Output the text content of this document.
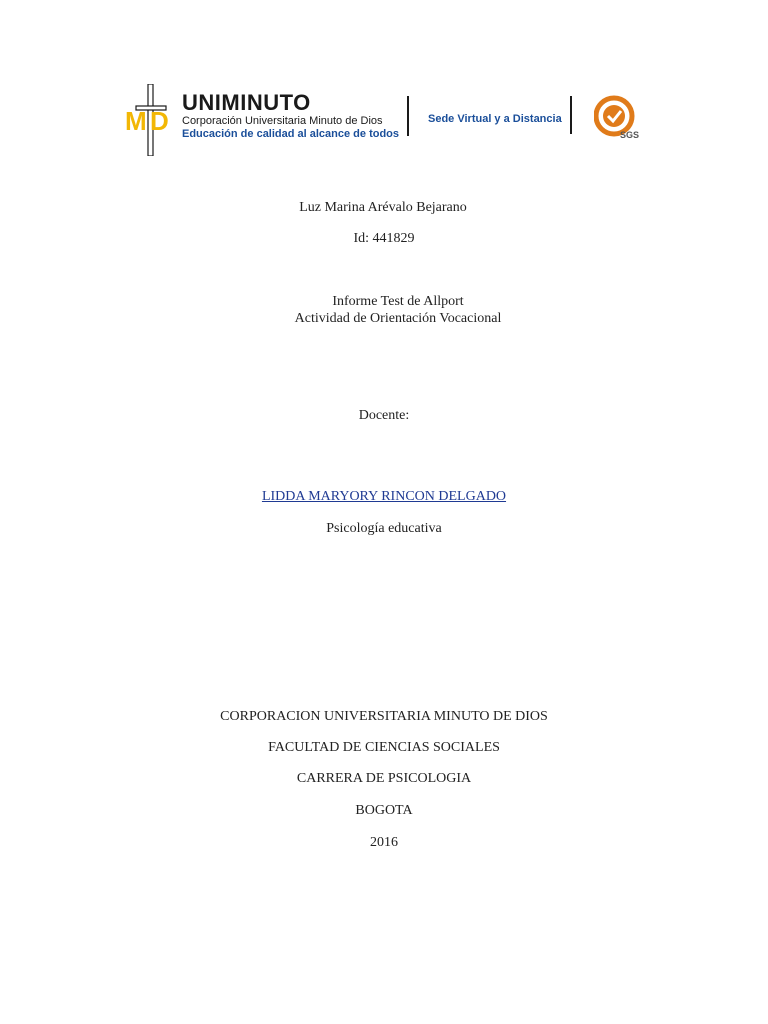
M D
UNIMINUTO
Corporación Universitaria Minuto de Dios
Educación de calidad al alcance de todos
Sede Virtual y a Distancia
SGS
Luz Marina Arévalo Bejarano
Id: 441829
Informe Test de Allport
Actividad de Orientación Vocacional
Docente:
LIDDA MARYORY RINCON DELGADO
Psicología educativa
CORPORACION UNIVERSITARIA MINUTO DE DIOS
FACULTAD DE CIENCIAS SOCIALES
CARRERA DE PSICOLOGIA
BOGOTA
2016
